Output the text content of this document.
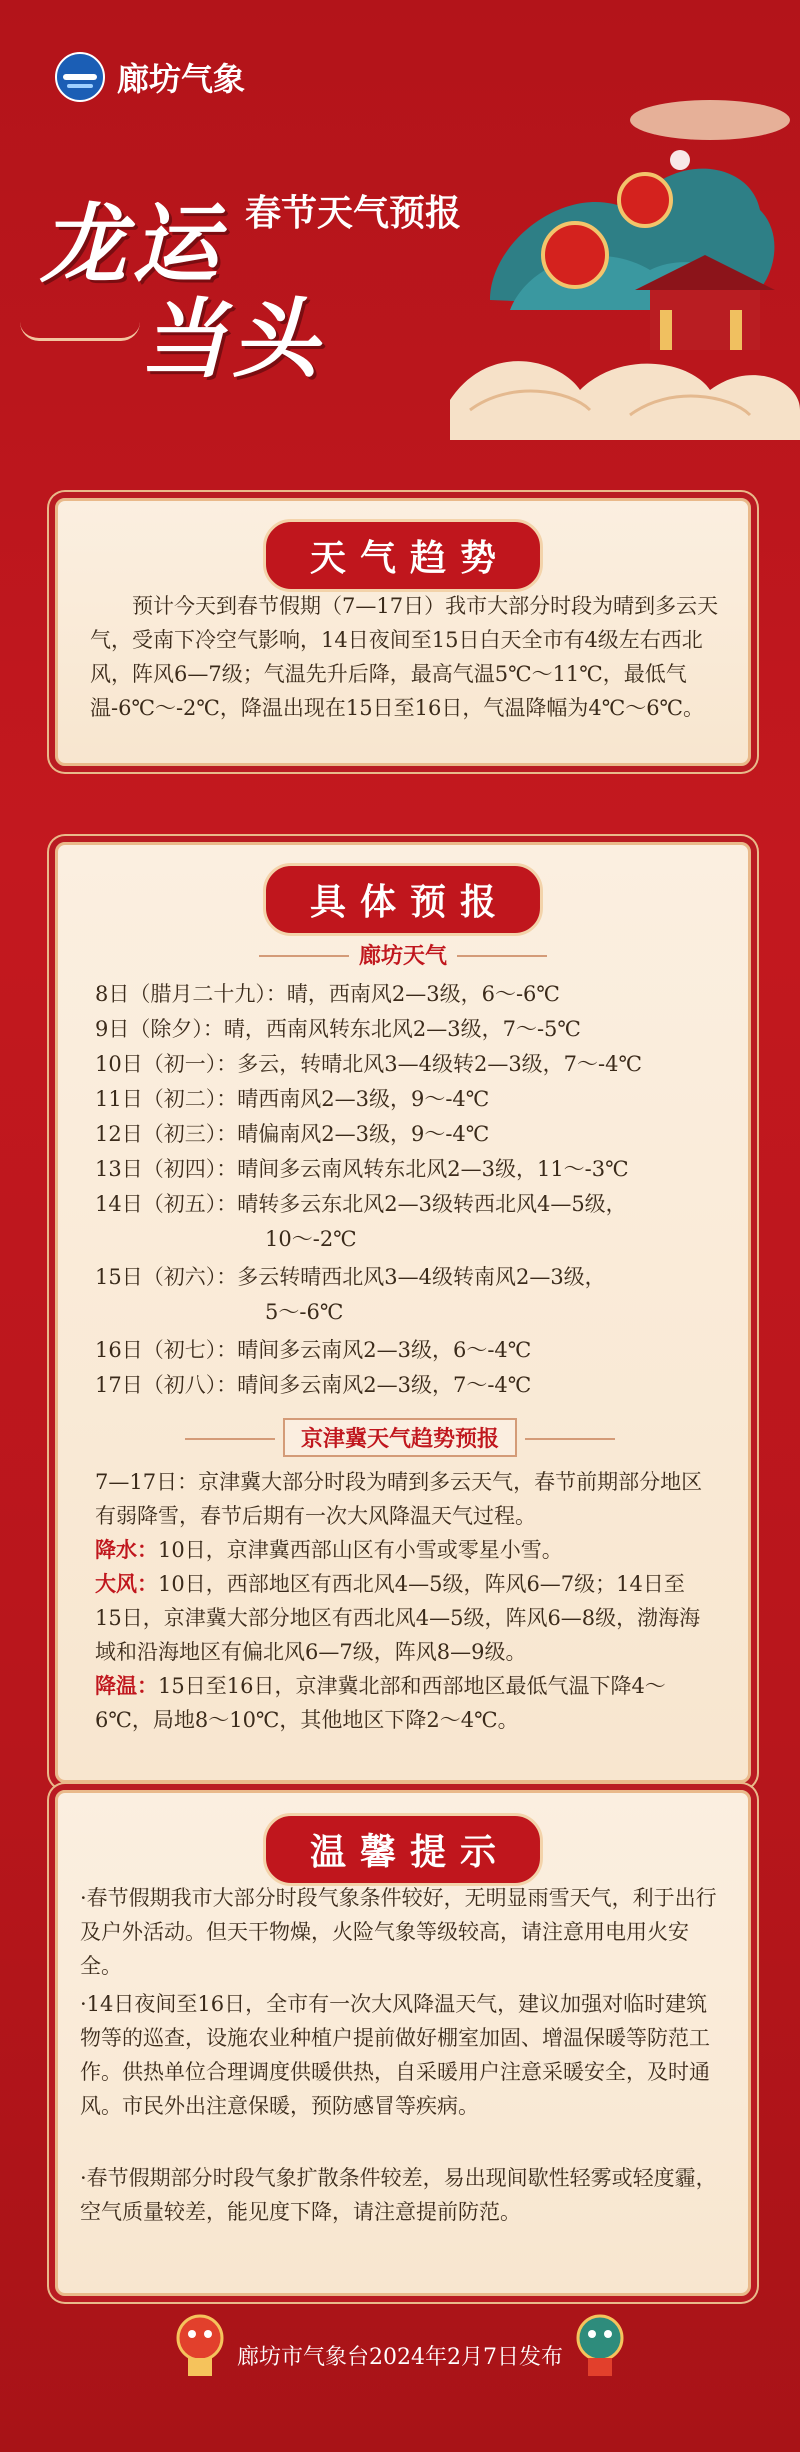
廊坊气象
龙运
当头
春节天气预报
天气趋势
预计今天到春节假期（7—17日）我市大部分时段为晴到多云天气，受南下冷空气影响，14日夜间至15日白天全市有4级左右西北风，阵风6—7级；气温先升后降，最高气温5℃～11℃，最低气温-6℃～-2℃，降温出现在15日至16日，气温降幅为4℃～6℃。
具体预报
廊坊天气
8日（腊月二十九）：晴，西南风2—3级，6～-6℃
9日（除夕）：晴，西南风转东北风2—3级，7～-5℃
10日（初一）：多云，转晴北风3—4级转2—3级，7～-4℃
11日（初二）：晴西南风2—3级，9～-4℃
12日（初三）：晴偏南风2—3级，9～-4℃
13日（初四）：晴间多云南风转东北风2—3级，11～-3℃
14日（初五）：晴转多云东北风2—3级转西北风4—5级，
10～-2℃
15日（初六）：多云转晴西北风3—4级转南风2—3级，
5～-6℃
16日（初七）：晴间多云南风2—3级，6～-4℃
17日（初八）：晴间多云南风2—3级，7～-4℃
京津冀天气趋势预报
7—17日：京津冀大部分时段为晴到多云天气，春节前期部分地区有弱降雪，春节后期有一次大风降温天气过程。
降水：10日，京津冀西部山区有小雪或零星小雪。
大风：10日，西部地区有西北风4—5级，阵风6—7级；14日至15日，京津冀大部分地区有西北风4—5级，阵风6—8级，渤海海域和沿海地区有偏北风6—7级，阵风8—9级。
降温：15日至16日，京津冀北部和西部地区最低气温下降4～6℃，局地8～10℃，其他地区下降2～4℃。
温馨提示
·春节假期我市大部分时段气象条件较好，无明显雨雪天气，利于出行及户外活动。但天干物燥，火险气象等级较高，请注意用电用火安全。
·14日夜间至16日，全市有一次大风降温天气，建议加强对临时建筑物等的巡查，设施农业种植户提前做好棚室加固、增温保暖等防范工作。供热单位合理调度供暖供热，自采暖用户注意采暖安全，及时通风。市民外出注意保暖，预防感冒等疾病。
·春节假期部分时段气象扩散条件较差，易出现间歇性轻雾或轻度霾，空气质量较差，能见度下降，请注意提前防范。
廊坊市气象台2024年2月7日发布
